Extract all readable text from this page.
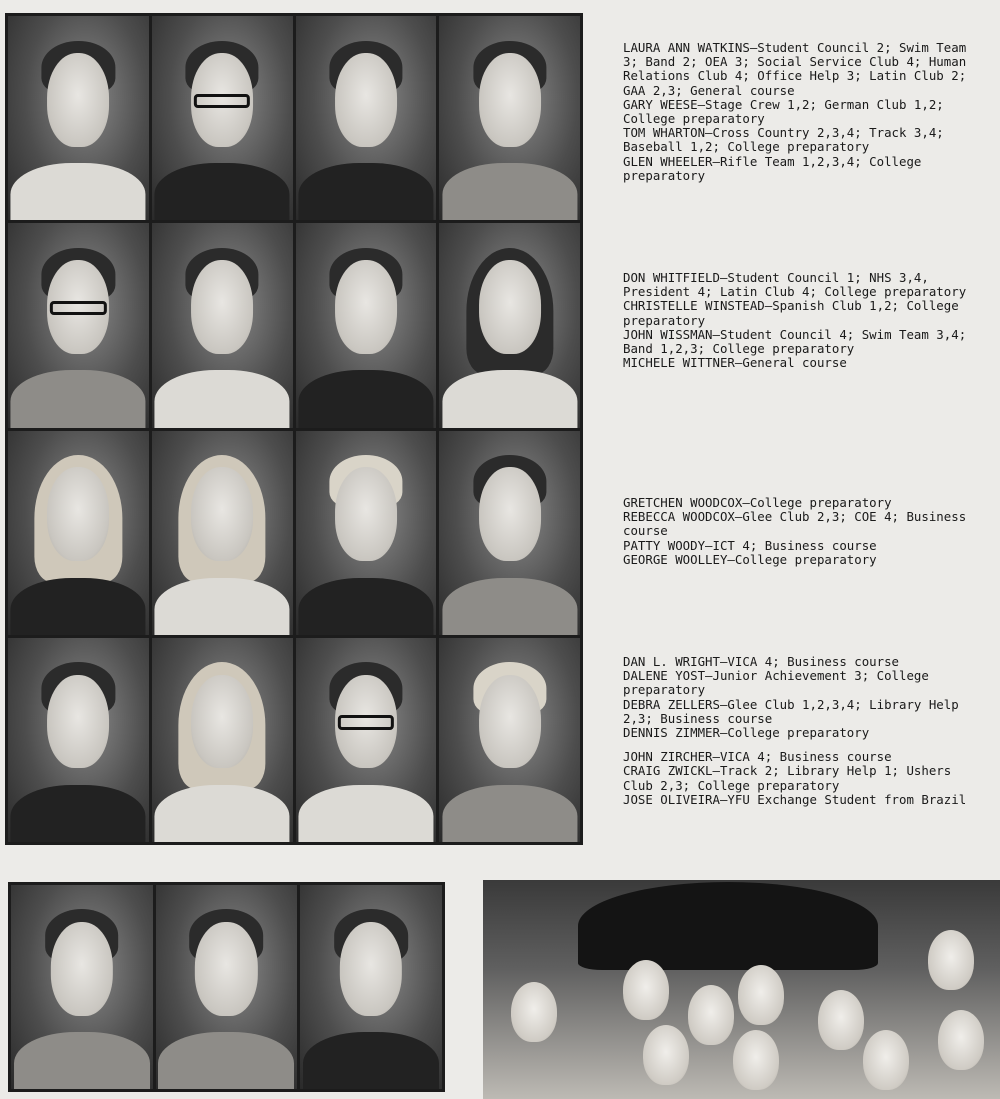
LAURA ANN WATKINS—Student Council 2; Swim Team 3; Band 2; OEA 3; Social Service Club 4; Human Relations Club 4; Office Help 3; Latin Club 2; GAA 2,3; General course
GARY WEESE—Stage Crew 1,2; German Club 1,2; College preparatory
TOM WHARTON—Cross Country 2,3,4; Track 3,4; Baseball 1,2; College preparatory
GLEN WHEELER—Rifle Team 1,2,3,4; College preparatory
DON WHITFIELD—Student Council 1; NHS 3,4, President 4; Latin Club 4; College preparatory
CHRISTELLE WINSTEAD—Spanish Club 1,2; College preparatory
JOHN WISSMAN—Student Council 4; Swim Team 3,4; Band 1,2,3; College preparatory
MICHELE WITTNER—General course
GRETCHEN WOODCOX—College preparatory
REBECCA WOODCOX—Glee Club 2,3; COE 4; Business course
PATTY WOODY—ICT 4; Business course
GEORGE WOOLLEY—College preparatory
DAN L. WRIGHT—VICA 4; Business course
DALENE YOST—Junior Achievement 3; College preparatory
DEBRA ZELLERS—Glee Club 1,2,3,4; Library Help 2,3; Business course
DENNIS ZIMMER—College preparatory
JOHN ZIRCHER—VICA 4; Business course
CRAIG ZWICKL—Track 2; Library Help 1; Ushers Club 2,3; College preparatory
JOSE OLIVEIRA—YFU Exchange Student from Brazil
